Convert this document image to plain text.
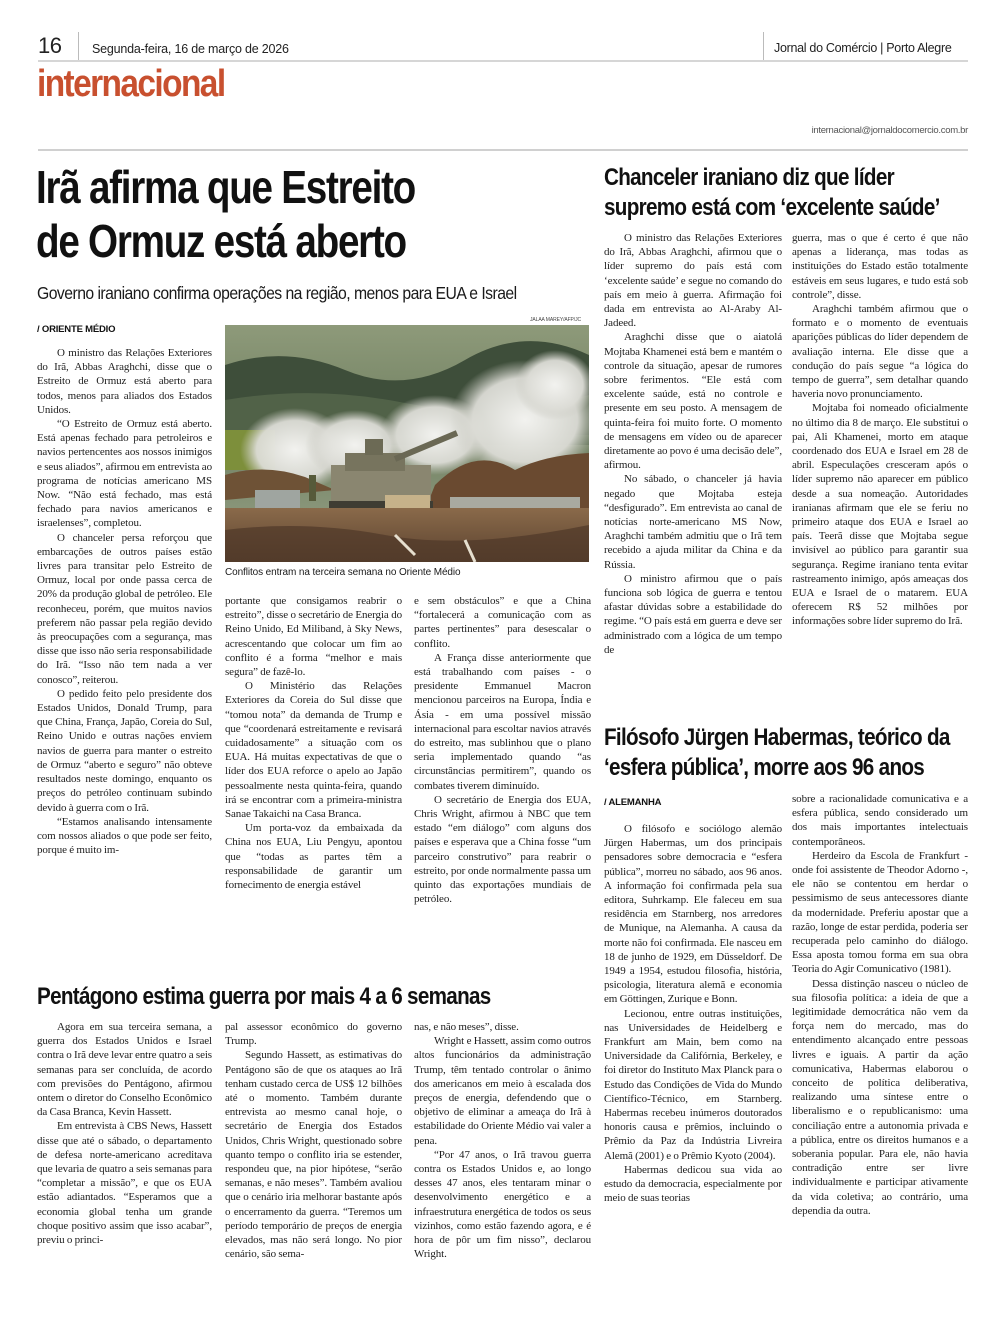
16 Segunda-feira, 16 de março de 2026	Jornal do Comércio | Porto Alegre
internacional
internacional@jornaldocomercio.com.br
Irã afirma que Estreito
de Ormuz está aberto
Governo iraniano confirma operações na região, menos para EUA e Israel
/ ORIENTE MÉDIO

O ministro das Relações Exteriores do Irã, Abbas Araghchi, disse que o Estreito de Ormuz está aberto para todos, menos para aliados dos Estados Unidos.

“O Estreito de Ormuz está aberto. Está apenas fechado para petroleiros e navios pertencentes aos nossos inimigos e seus aliados”, afirmou em entrevista ao programa de notícias americano MS Now. “Não está fechado, mas está fechado para navios americanos e israelenses”, completou.

O chanceler persa reforçou que embarcações de outros países estão livres para transitar pelo Estreito de Ormuz, local por onde passa cerca de 20% da produção global de petróleo. Ele reconheceu, porém, que muitos navios preferem não passar pela região devido às preocupações com a segurança, mas disse que isso não seria responsabilidade do Irã. “Isso não tem nada a ver conosco”, reiterou.

O pedido feito pelo presidente dos Estados Unidos, Donald Trump, para que China, França, Japão, Coreia do Sul, Reino Unido e outras nações enviem navios de guerra para manter o estreito de Ormuz “aberto e seguro” não obteve resultados neste domingo, enquanto os preços do petróleo continuam subindo devido à guerra com o Irã.

“Estamos analisando intensamente com nossos aliados o que pode ser feito, porque é muito im-

JALAA MAREY/AFP/JC
Conflitos entram na terceira semana no Oriente Médio

portante que consigamos reabrir o estreito”, disse o secretário de Energia do Reino Unido, Ed Miliband, à Sky News, acrescentando que colocar um fim ao conflito é a forma “melhor e mais segura” de fazê-lo.

O Ministério das Relações Exteriores da Coreia do Sul disse que “tomou nota” da demanda de Trump e que “coordenará estreitamente e revisará cuidadosamente” a situação com os EUA. Há muitas expectativas de que o líder dos EUA reforce o apelo ao Japão pessoalmente nesta quinta-feira, quando irá se encontrar com a primeira-ministra Sanae Takaichi na Casa Branca.

Um porta-voz da embaixada da China nos EUA, Liu Pengyu, apontou que “todas as partes têm a responsabilidade de garantir um fornecimento de energia estável

e sem obstáculos” e que a China “fortalecerá a comunicação com as partes pertinentes” para desescalar o conflito.

A França disse anteriormente que está trabalhando com países - o presidente Emmanuel Macron mencionou parceiros na Europa, Índia e Ásia - em uma possível missão internacional para escoltar navios através do estreito, mas sublinhou que o plano seria implementado quando “as circunstâncias permitirem”, quando os combates tiverem diminuído.

O secretário de Energia dos EUA, Chris Wright, afirmou à NBC que tem estado “em diálogo” com alguns dos países e esperava que a China fosse “um parceiro construtivo” para reabrir o estreito, por onde normalmente passa um quinto das exportações mundiais de petróleo.

Chanceler iraniano diz que líder
supremo está com ‘excelente saúde’

O ministro das Relações Exteriores do Irã, Abbas Araghchi, afirmou que o líder supremo do país está com ‘excelente saúde’ e segue no comando do país em meio à guerra. Afirmação foi dada em entrevista ao Al-Araby Al-Jadeed.

Araghchi disse que o aiatolá Mojtaba Khamenei está bem e mantém o controle da situação, apesar de rumores sobre ferimentos. “Ele está com excelente saúde, está no controle e presente em seu posto. A mensagem de quinta-feira foi muito forte. O momento de mensagens em vídeo ou de aparecer diretamente ao povo é uma decisão dele”, afirmou.

No sábado, o chanceler já havia negado que Mojtaba esteja “desfigurado”. Em entrevista ao canal de notícias norte-americano MS Now, Araghchi também admitiu que o Irã tem recebido a ajuda militar da China e da Rússia.

O ministro afirmou que o país funciona sob lógica de guerra e tentou afastar dúvidas sobre a estabilidade do regime. “O país está em guerra e deve ser administrado com a lógica de um tempo de

guerra, mas o que é certo é que não apenas a liderança, mas todas as instituições do Estado estão totalmente estáveis em seus lugares, e tudo está sob controle”, disse.

Araghchi também afirmou que o formato e o momento de eventuais aparições públicas do líder dependem de avaliação interna. Ele disse que a condução do país segue “a lógica do tempo de guerra”, sem detalhar quando haveria novo pronunciamento.

Mojtaba foi nomeado oficialmente no último dia 8 de março. Ele substitui o pai, Ali Khamenei, morto em ataque coordenado dos EUA e Israel em 28 de abril. Especulações cresceram após o líder supremo não aparecer em público desde a sua nomeação. Autoridades iranianas afirmam que ele se feriu no primeiro ataque dos EUA e Israel ao país. Teerã disse que Mojtaba segue invisível ao público para garantir sua segurança. Regime iraniano tenta evitar rastreamento inimigo, após ameaças dos EUA e Israel de o matarem. EUA oferecem R$ 52 milhões por informações sobre líder supremo do Irã.

Filósofo Jürgen Habermas, teórico da
‘esfera pública’, morre aos 96 anos
/ ALEMANHA

O filósofo e sociólogo alemão Jürgen Habermas, um dos principais pensadores sobre democracia e “esfera pública”, morreu no sábado, aos 96 anos. A informação foi confirmada pela sua editora, Suhrkamp. Ele faleceu em sua residência em Starnberg, nos arredores de Munique, na Alemanha. A causa da morte não foi confirmada. Ele nasceu em 18 de junho de 1929, em Düsseldorf. De 1949 a 1954, estudou filosofia, história, psicologia, literatura alemã e economia em Göttingen, Zurique e Bonn.

Lecionou, entre outras instituições, nas Universidades de Heidelberg e Frankfurt am Main, bem como na Universidade da Califórnia, Berkeley, e foi diretor do Instituto Max Planck para o Estudo das Condições de Vida do Mundo Científico-Técnico, em Starnberg. Habermas recebeu inúmeros doutorados honoris causa e prêmios, incluindo o Prêmio da Paz da Indústria Livreira Alemã (2001) e o Prêmio Kyoto (2004).

Habermas dedicou sua vida ao estudo da democracia, especialmente por meio de suas teorias

sobre a racionalidade comunicativa e a esfera pública, sendo considerado um dos mais importantes intelectuais contemporâneos.

Herdeiro da Escola de Frankfurt - onde foi assistente de Theodor Adorno -, ele não se contentou em herdar o pessimismo de seus antecessores diante da modernidade. Preferiu apostar que a razão, longe de estar perdida, poderia ser recuperada pelo caminho do diálogo. Essa aposta tomou forma em sua obra Teoria do Agir Comunicativo (1981).

Dessa distinção nasceu o núcleo de sua filosofia política: a ideia de que a legitimidade democrática não vem da força nem do mercado, mas do entendimento alcançado entre pessoas livres e iguais. A partir da ação comunicativa, Habermas elaborou o conceito de política deliberativa, realizando uma síntese entre o liberalismo e o republicanismo: uma conciliação entre a autonomia privada e a pública, entre os direitos humanos e a soberania popular. Para ele, não havia contradição entre ser livre individualmente e participar ativamente da vida coletiva; ao contrário, uma dependia da outra.

Pentágono estima guerra por mais 4 a 6 semanas

Agora em sua terceira semana, a guerra dos Estados Unidos e Israel contra o Irã deve levar entre quatro a seis semanas para ser concluída, de acordo com previsões do Pentágono, afirmou ontem o diretor do Conselho Econômico da Casa Branca, Kevin Hassett.

Em entrevista à CBS News, Hassett disse que até o sábado, o departamento de defesa norte-americano acreditava que levaria de quatro a seis semanas para “completar a missão”, e que os EUA estão adiantados. “Esperamos que a economia global tenha um grande choque positivo assim que isso acabar”, previu o princi-

pal assessor econômico do governo Trump.

Segundo Hassett, as estimativas do Pentágono são de que os ataques ao Irã tenham custado cerca de US$ 12 bilhões até o momento. Também durante entrevista ao mesmo canal hoje, o secretário de Energia dos Estados Unidos, Chris Wright, questionado sobre quanto tempo o conflito iria se estender, respondeu que, na pior hipótese, “serão semanas, e não meses”. Também avaliou que o cenário iria melhorar bastante após o encerramento da guerra. “Teremos um período temporário de preços de energia elevados, mas não será longo. No pior cenário, são sema-

nas, e não meses”, disse.

Wright e Hassett, assim como outros altos funcionários da administração Trump, têm tentado controlar o ânimo dos americanos em meio à escalada dos preços de energia, defendendo que o objetivo de eliminar a ameaça do Irã à estabilidade do Oriente Médio vai valer a pena.

“Por 47 anos, o Irã travou guerra contra os Estados Unidos e, ao longo desses 47 anos, eles tentaram minar o desenvolvimento energético e a infraestrutura energética de todos os seus vizinhos, como estão fazendo agora, e é hora de pôr um fim nisso”, declarou Wright.
